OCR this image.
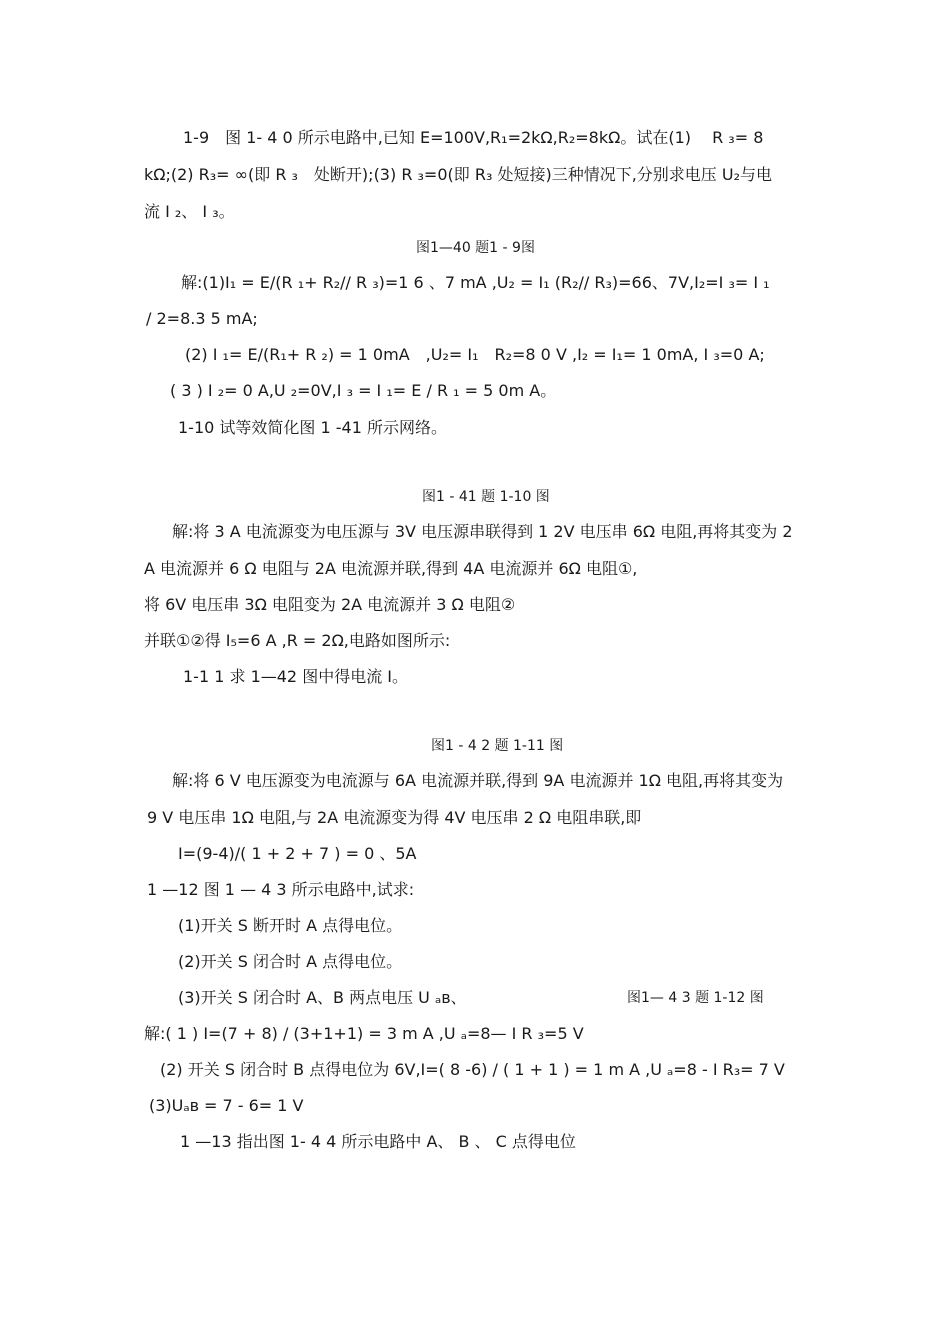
1-9　图 1- 4 0 所示电路中,已知 E=100V,R₁=2kΩ,R₂=8kΩ。试在(1)　 R ₃= 8
kΩ;(2) R₃= ∞(即 R ₃　处断开);(3) R ₃=0(即 R₃ 处短接)三种情况下,分别求电压 U₂与电
流 I ₂、 I ₃。
图1—40 题1 - 9图
解:(1)I₁ = E/(R ₁+ R₂// R ₃)=1 6 、7 mA ,U₂ = I₁ (R₂// R₃)=66、7V,I₂=I ₃= I ₁
/ 2=8.3 5 mA;
(2) I ₁= E/(R₁+ R ₂) = 1 0mA　,U₂= I₁　R₂=8 0 V ,I₂ = I₁= 1 0mA, I ₃=0 A;
( 3 ) I ₂= 0 A,U ₂=0V,I ₃ = I ₁= E / R ₁ = 5 0m A。
1-10 试等效简化图 1 -41 所示网络。
图1 - 41 题 1-10 图
解:将 3 A 电流源变为电压源与 3V 电压源串联得到 1 2V 电压串 6Ω 电阻,再将其变为 2
A 电流源并 6 Ω 电阻与 2A 电流源并联,得到 4A 电流源并 6Ω 电阻①,
将 6V 电压串 3Ω 电阻变为 2A 电流源并 3 Ω 电阻②
并联①②得 I₅=6 A ,R = 2Ω,电路如图所示:
1-1 1 求 1—42 图中得电流 I。
图1 - 4 2 题 1-11 图
解:将 6 V 电压源变为电流源与 6A 电流源并联,得到 9A 电流源并 1Ω 电阻,再将其变为
9 V 电压串 1Ω 电阻,与 2A 电流源变为得 4V 电压串 2 Ω 电阻串联,即
I=(9-4)/( 1 + 2 + 7 ) = 0 、5A
1 —12 图 1 — 4 3 所示电路中,试求:
(1)开关 S 断开时 A 点得电位。
(2)开关 S 闭合时 A 点得电位。
(3)开关 S 闭合时 A、B 两点电压 U ₐʙ、	图1— 4 3 题 1-12 图
解:( 1 ) I=(7 + 8) / (3+1+1) = 3 m A ,U ₐ=8— I R ₃=5 V
(2) 开关 S 闭合时 B 点得电位为 6V,I=( 8 -6) / ( 1 + 1 ) = 1 m A ,U ₐ=8 - I R₃= 7 V
(3)Uₐʙ = 7 - 6= 1 V
1 —13 指出图 1- 4 4 所示电路中 A、 B 、 C 点得电位
